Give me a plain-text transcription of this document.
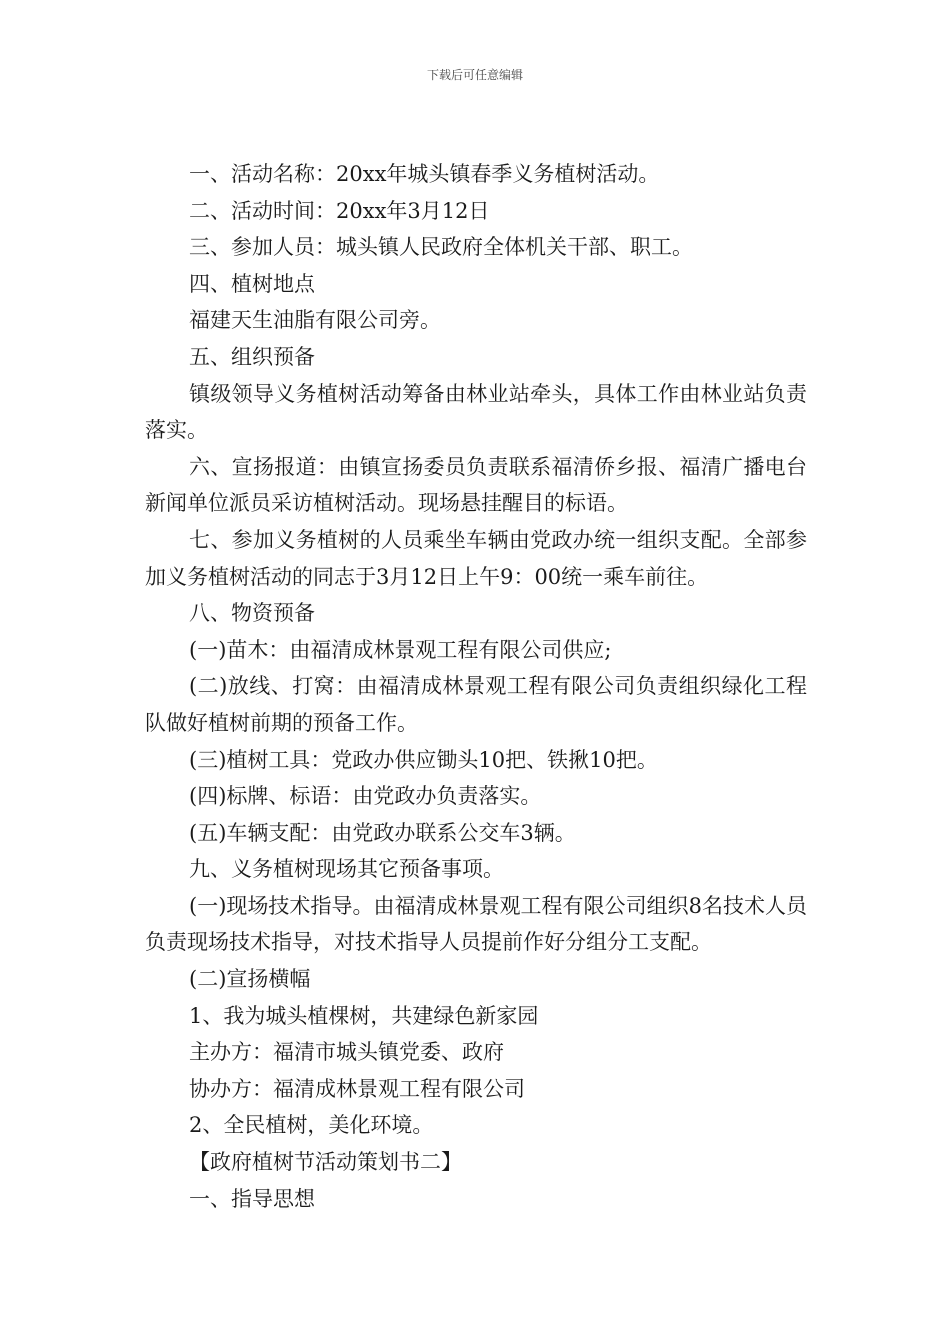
下载后可任意编辑

一、活动名称：20xx年城头镇春季义务植树活动。

二、活动时间：20xx年3月12日

三、参加人员：城头镇人民政府全体机关干部、职工。

四、植树地点

福建天生油脂有限公司旁。

五、组织预备

镇级领导义务植树活动筹备由林业站牵头，具体工作由林业站负责落实。

六、宣扬报道：由镇宣扬委员负责联系福清侨乡报、福清广播电台新闻单位派员采访植树活动。现场悬挂醒目的标语。

七、参加义务植树的人员乘坐车辆由党政办统一组织支配。全部参加义务植树活动的同志于3月12日上午9：00统一乘车前往。

八、物资预备

(一)苗木：由福清成林景观工程有限公司供应;

(二)放线、打窝：由福清成林景观工程有限公司负责组织绿化工程队做好植树前期的预备工作。

(三)植树工具：党政办供应锄头10把、铁揪10把。

(四)标牌、标语：由党政办负责落实。

(五)车辆支配：由党政办联系公交车3辆。

九、义务植树现场其它预备事项。

(一)现场技术指导。由福清成林景观工程有限公司组织8名技术人员负责现场技术指导，对技术指导人员提前作好分组分工支配。

(二)宣扬横幅

1、我为城头植棵树，共建绿色新家园

主办方：福清市城头镇党委、政府

协办方：福清成林景观工程有限公司

2、全民植树，美化环境。

【政府植树节活动策划书二】

一、指导思想
